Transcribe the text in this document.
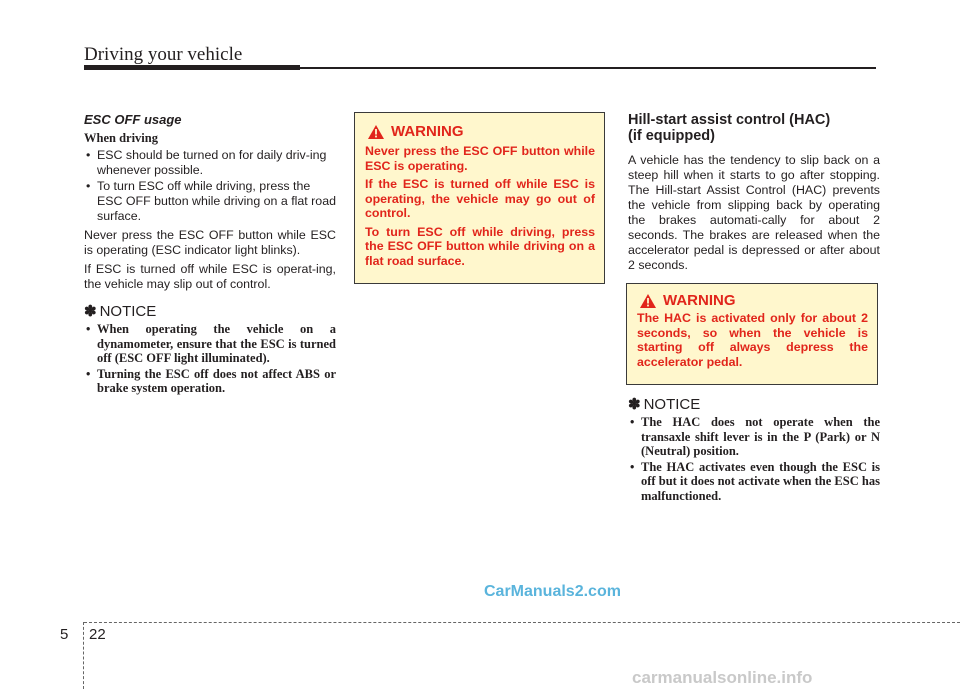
Driving your vehicle
ESC OFF usage
When driving
• ESC should be turned on for daily driv-ing whenever possible.
• To turn ESC off while driving, press the ESC OFF button while driving on a flat road surface.

Never press the ESC OFF button while ESC is operating (ESC indicator light blinks).

If ESC is turned off while ESC is operat-ing, the vehicle may slip out of control.

✽ NOTICE
• When operating the vehicle on a dynamometer, ensure that the ESC is turned off (ESC OFF light illuminated).
• Turning the ESC off does not affect ABS or brake system operation.
WARNING

Never press the ESC OFF button while ESC is operating.

If the ESC is turned off while ESC is operating, the vehicle may go out of control.

To turn ESC off while driving, press the ESC OFF button while driving on a flat road surface.

Hill-start assist control (HAC)
(if equipped)

A vehicle has the tendency to slip back on a steep hill when it starts to go after stopping. The Hill-start Assist Control (HAC) prevents the vehicle from slipping back by operating the brakes automati-cally for about 2 seconds. The brakes are released when the accelerator pedal is depressed or after about 2 seconds.

WARNING

The HAC is activated only for about 2 seconds, so when the vehicle is starting off always depress the accelerator pedal.

✽ NOTICE
• The HAC does not operate when the transaxle shift lever is in the P (Park) or N (Neutral) position.
• The HAC activates even though the ESC is off but it does not activate when the ESC has malfunctioned.
CarManuals2.com
5 22
carmanualsonline.info
